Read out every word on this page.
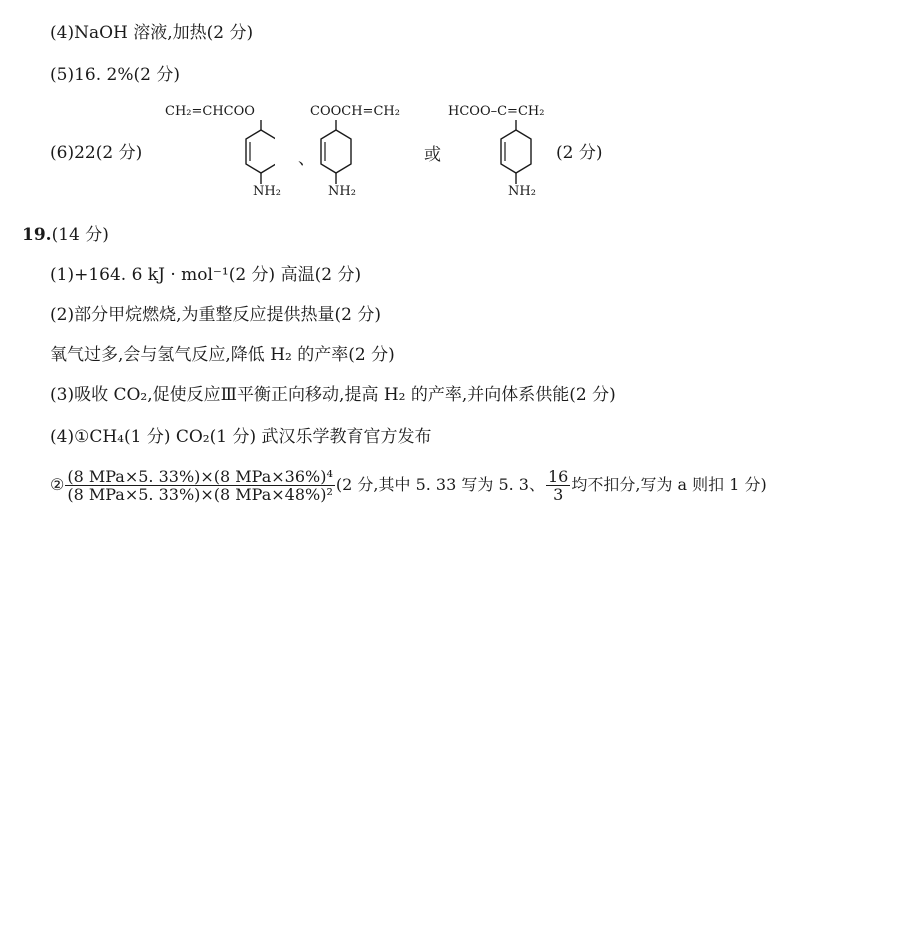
(4)NaOH 溶液,加热(2 分)
(5)16. 2%(2 分)
(6)22(2 分)
CH₂=CHCOO
NH₂
、
COOCH=CH₂
NH₂
或
HCOO–C=CH₂
NH₂
(2 分)
19.(14 分)
(1)+164. 6 kJ · mol⁻¹(2 分) 高温(2 分)
(2)部分甲烷燃烧,为重整反应提供热量(2 分)
氧气过多,会与氢气反应,降低 H₂ 的产率(2 分)
(3)吸收 CO₂,促使反应Ⅲ平衡正向移动,提高 H₂ 的产率,并向体系供能(2 分)
(4)①CH₄(1 分) CO₂(1 分) 武汉乐学教育官方发布
② $\frac{\text{(8 MPa×5. 33\%)×(8 MPa×36\%)⁴}}{\text{(8 MPa×5. 33\%)×(8 MPa×48\%)²}} (2$ 分,其中 5. 33 写为 5. 3、 $\frac{16}{3}$ 均不扣分,写为 a 则扣 1 分)
